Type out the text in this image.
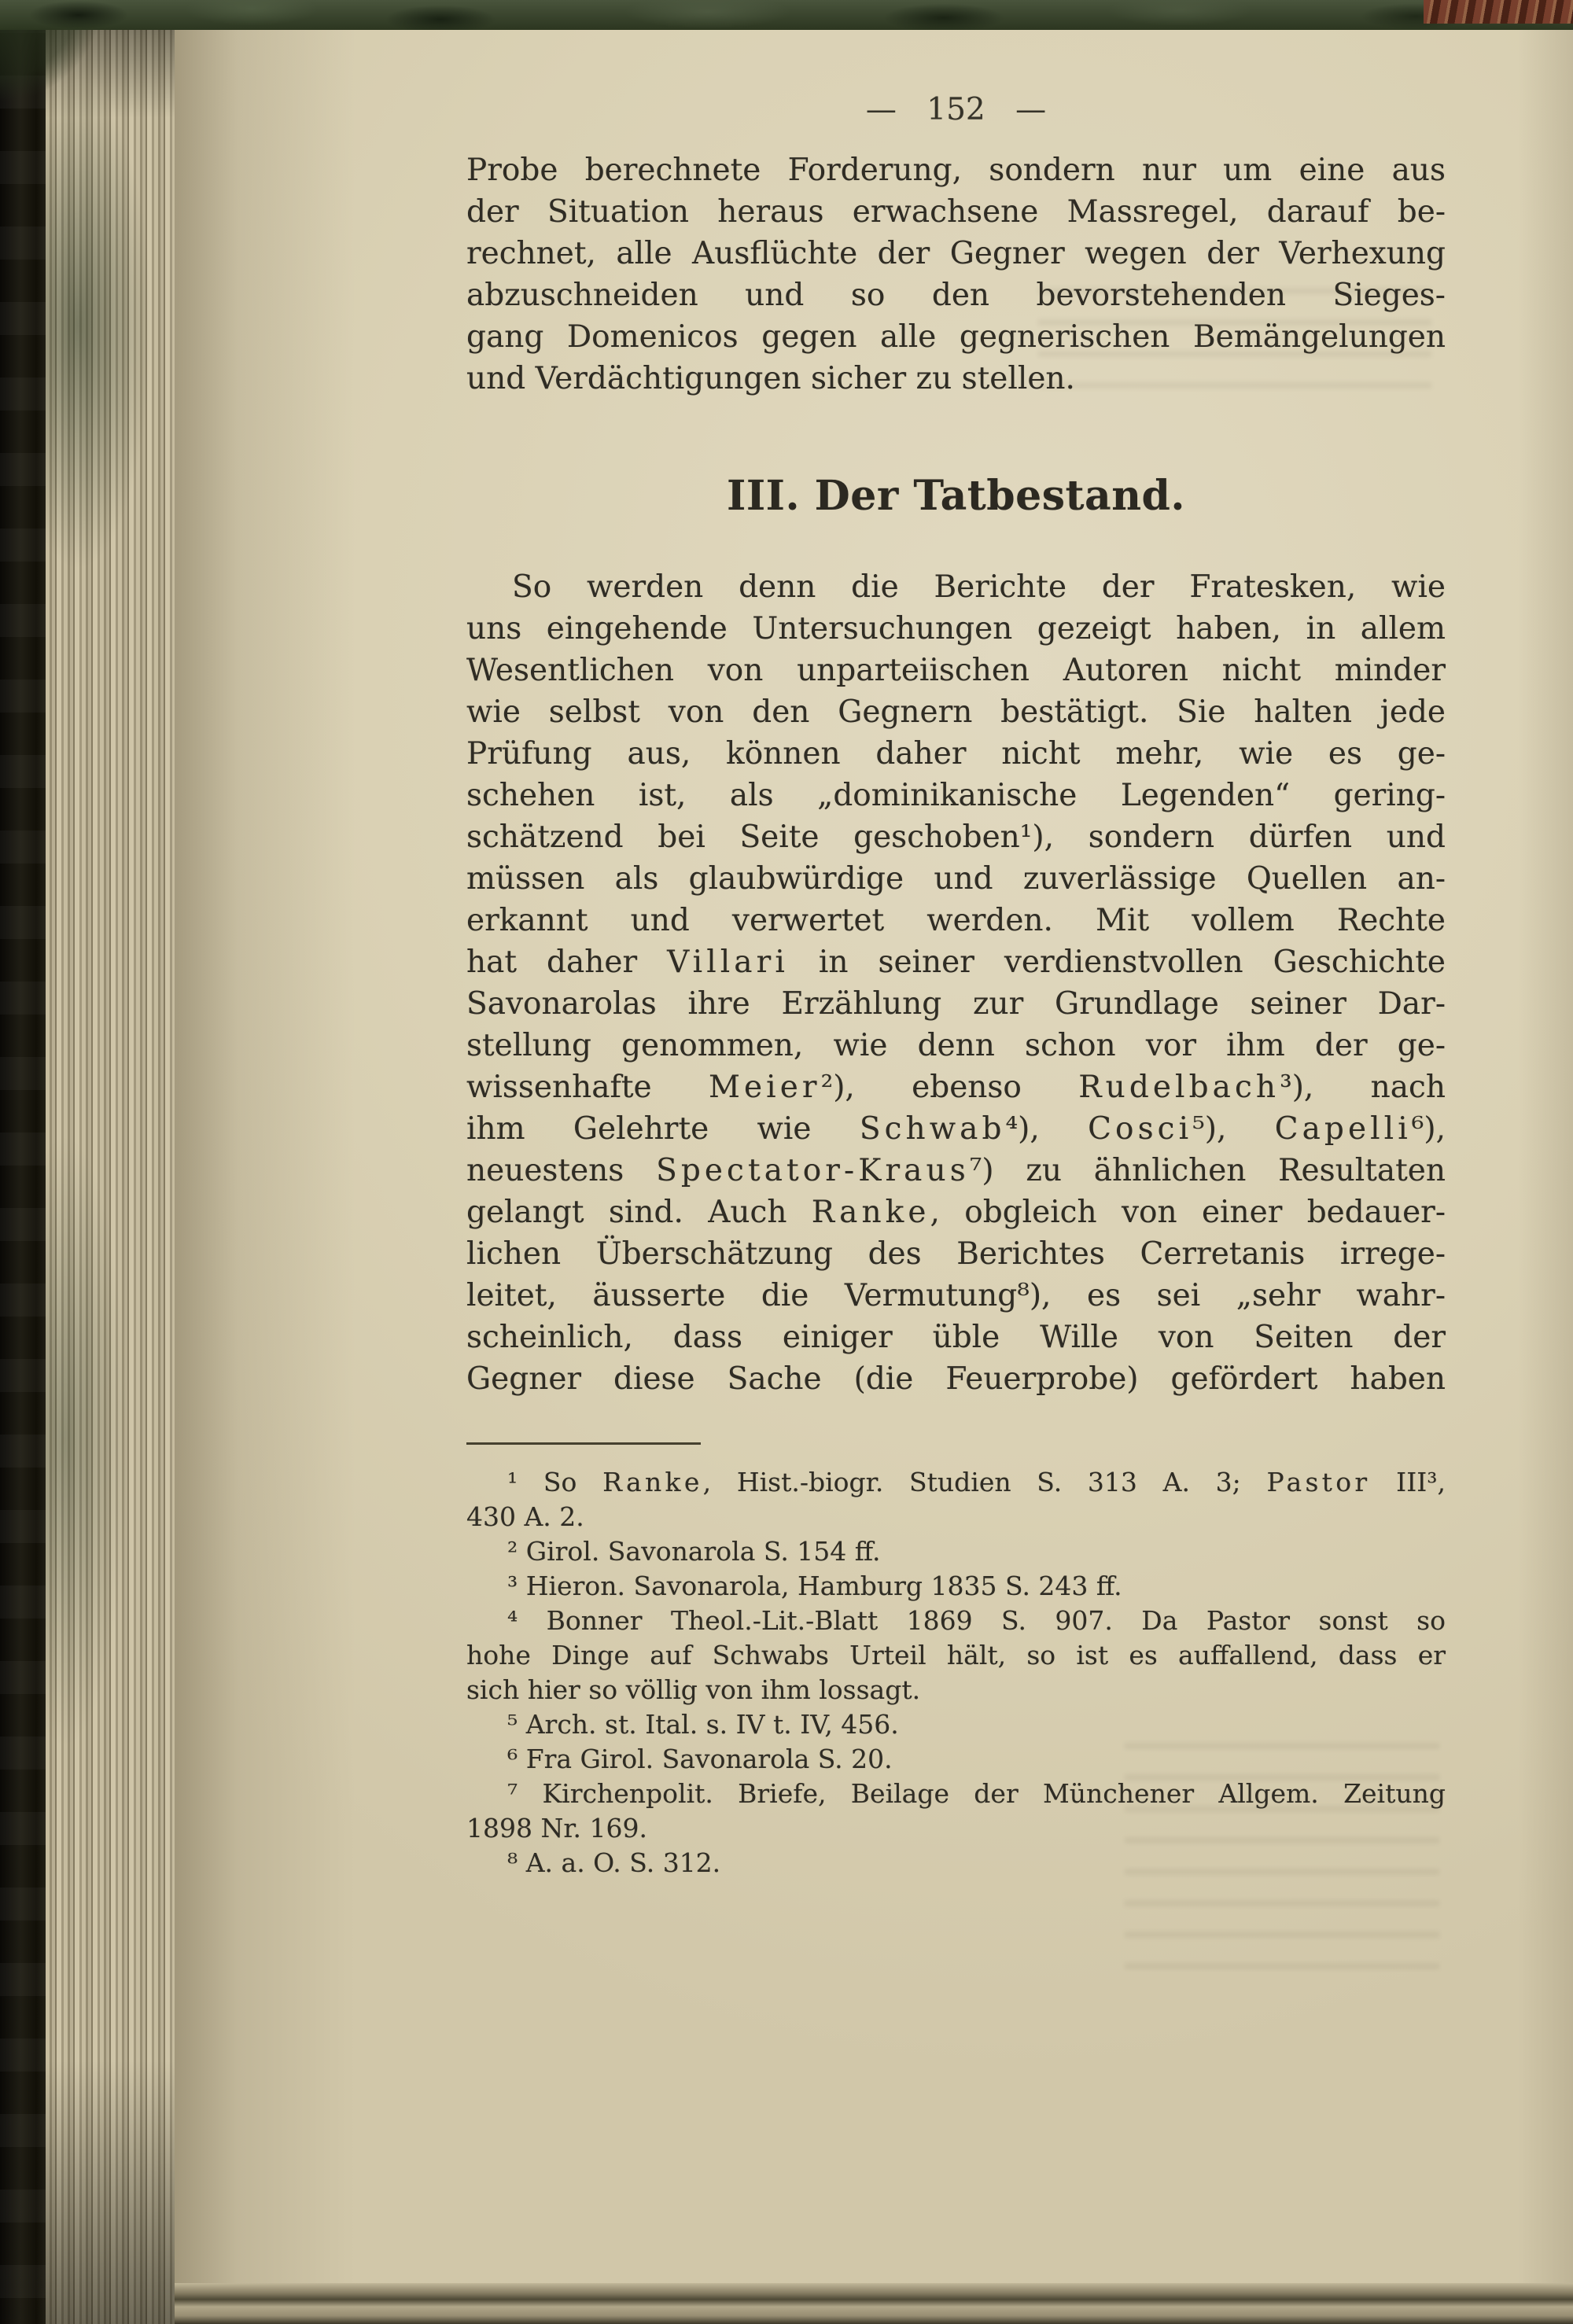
— 152 —
Probe berechnete Forderung, sondern nur um eine aus
der Situation heraus erwachsene Massregel, darauf be-
rechnet, alle Ausflüchte der Gegner wegen der Verhexung
abzuschneiden und so den bevorstehenden Sieges-
gang Domenicos gegen alle gegnerischen Bemängelungen
und Verdächtigungen sicher zu stellen.
III. Der Tatbestand.
So werden denn die Berichte der Fratesken, wie
uns eingehende Untersuchungen gezeigt haben, in allem
Wesentlichen von unparteiischen Autoren nicht minder
wie selbst von den Gegnern bestätigt. Sie halten jede
Prüfung aus, können daher nicht mehr, wie es ge-
schehen ist, als „dominikanische Legenden“ gering-
schätzend bei Seite geschoben¹), sondern dürfen und
müssen als glaubwürdige und zuverlässige Quellen an-
erkannt und verwertet werden. Mit vollem Rechte
hat daher Villari in seiner verdienstvollen Geschichte
Savonarolas ihre Erzählung zur Grundlage seiner Dar-
stellung genommen, wie denn schon vor ihm der ge-
wissenhafte Meier²), ebenso Rudelbach³), nach
ihm Gelehrte wie Schwab⁴), Cosci⁵), Capelli⁶),
neuestens Spectator-Kraus⁷) zu ähnlichen Resultaten
gelangt sind. Auch Ranke, obgleich von einer bedauer-
lichen Überschätzung des Berichtes Cerretanis irrege-
leitet, äusserte die Vermutung⁸), es sei „sehr wahr-
scheinlich, dass einiger üble Wille von Seiten der
Gegner diese Sache (die Feuerprobe) gefördert haben
¹ So Ranke, Hist.-biogr. Studien S. 313 A. 3; Pastor III³,
430 A. 2.
² Girol. Savonarola S. 154 ff.
³ Hieron. Savonarola, Hamburg 1835 S. 243 ff.
⁴ Bonner Theol.-Lit.-Blatt 1869 S. 907. Da Pastor sonst so
hohe Dinge auf Schwabs Urteil hält, so ist es auffallend, dass er
sich hier so völlig von ihm lossagt.
⁵ Arch. st. Ital. s. IV t. IV, 456.
⁶ Fra Girol. Savonarola S. 20.
⁷ Kirchenpolit. Briefe, Beilage der Münchener Allgem. Zeitung
1898 Nr. 169.
⁸ A. a. O. S. 312.
